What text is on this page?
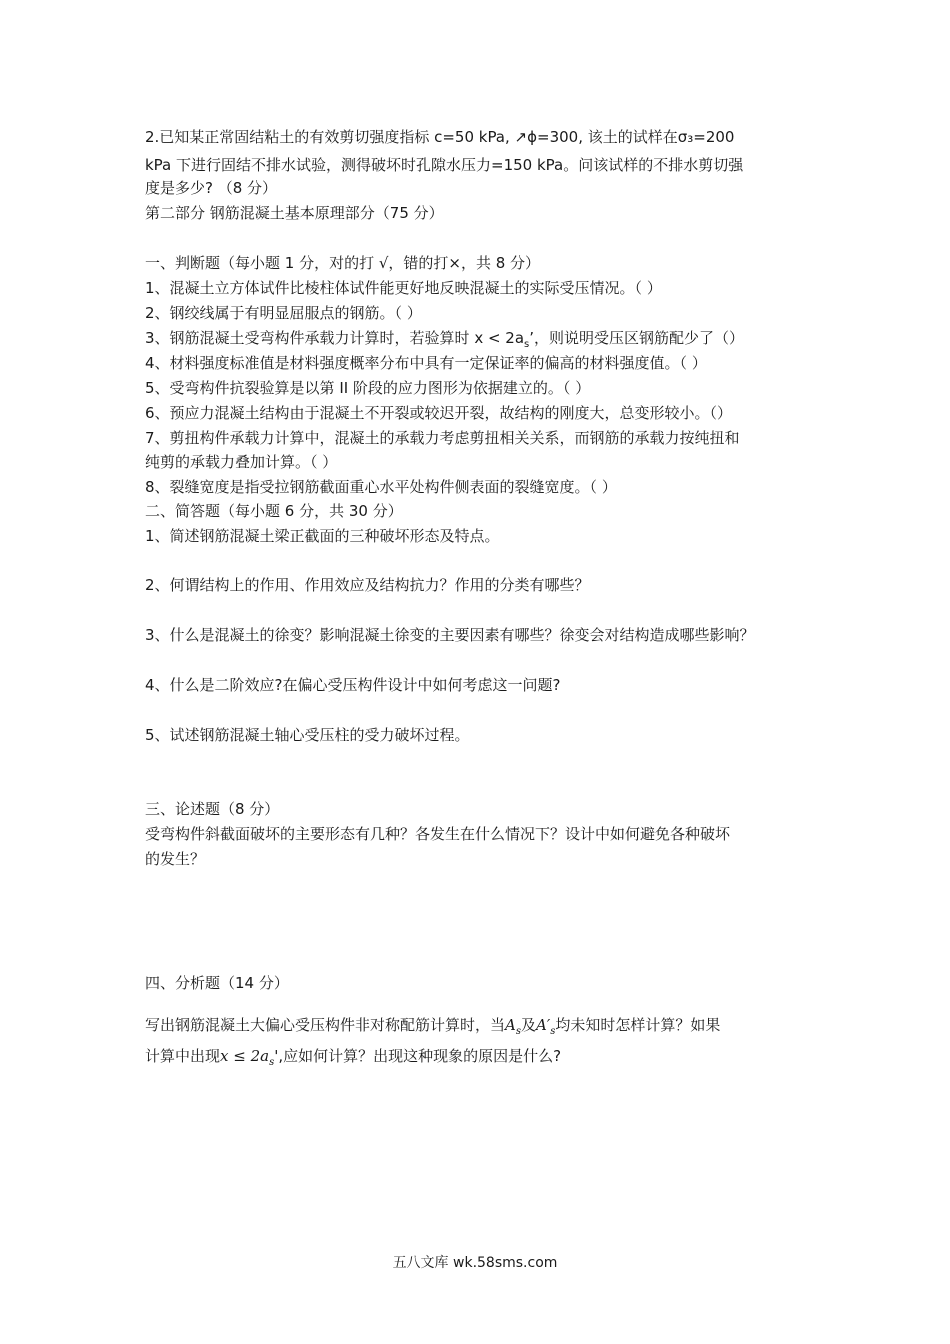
2.已知某正常固结粘土的有效剪切强度指标 c=50 kPa, ↗ϕ=300, 该土的试样在σ₃=200
kPa 下进行固结不排水试验，测得破坏时孔隙水压力=150 kPa。问该试样的不排水剪切强
度是多少? （8 分）
第二部分 钢筋混凝土基本原理部分（75 分）
一、判断题（每小题 1 分，对的打 √，错的打×，共 8 分）
1、混凝土立方体试件比棱柱体试件能更好地反映混凝土的实际受压情况。（ ）
2、钢绞线属于有明显屈服点的钢筋。（ ）
3、钢筋混凝土受弯构件承载力计算时，若验算时 $x < 2a_s$’，则说明受压区钢筋配少了（）
4、材料强度标准值是材料强度概率分布中具有一定保证率的偏高的材料强度值。（ ）
5、受弯构件抗裂验算是以第 II 阶段的应力图形为依据建立的。（ ）
6、预应力混凝土结构由于混凝土不开裂或较迟开裂，故结构的刚度大，总变形较小。（）
7、剪扭构件承载力计算中，混凝土的承载力考虑剪扭相关关系，而钢筋的承载力按纯扭和
纯剪的承载力叠加计算。（ ）
8、裂缝宽度是指受拉钢筋截面重心水平处构件侧表面的裂缝宽度。（ ）
二、简答题（每小题 6 分，共 30 分）
1、简述钢筋混凝土梁正截面的三种破坏形态及特点。
2、何谓结构上的作用、作用效应及结构抗力？作用的分类有哪些？
3、什么是混凝土的徐变？影响混凝土徐变的主要因素有哪些？徐变会对结构造成哪些影响？
4、什么是二阶效应?在偏心受压构件设计中如何考虑这一问题?
5、试述钢筋混凝土轴心受压柱的受力破坏过程。
三、论述题（8 分）
受弯构件斜截面破坏的主要形态有几种？各发生在什么情况下？设计中如何避免各种破坏
的发生？
四、分析题（14 分）
写出钢筋混凝土大偏心受压构件非对称配筋计算时，当$A_s$及$A'_s$均未知时怎样计算？如果
计算中出现$x \le 2a_s'$,应如何计算？出现这种现象的原因是什么?
五八文库 wk.58sms.com
